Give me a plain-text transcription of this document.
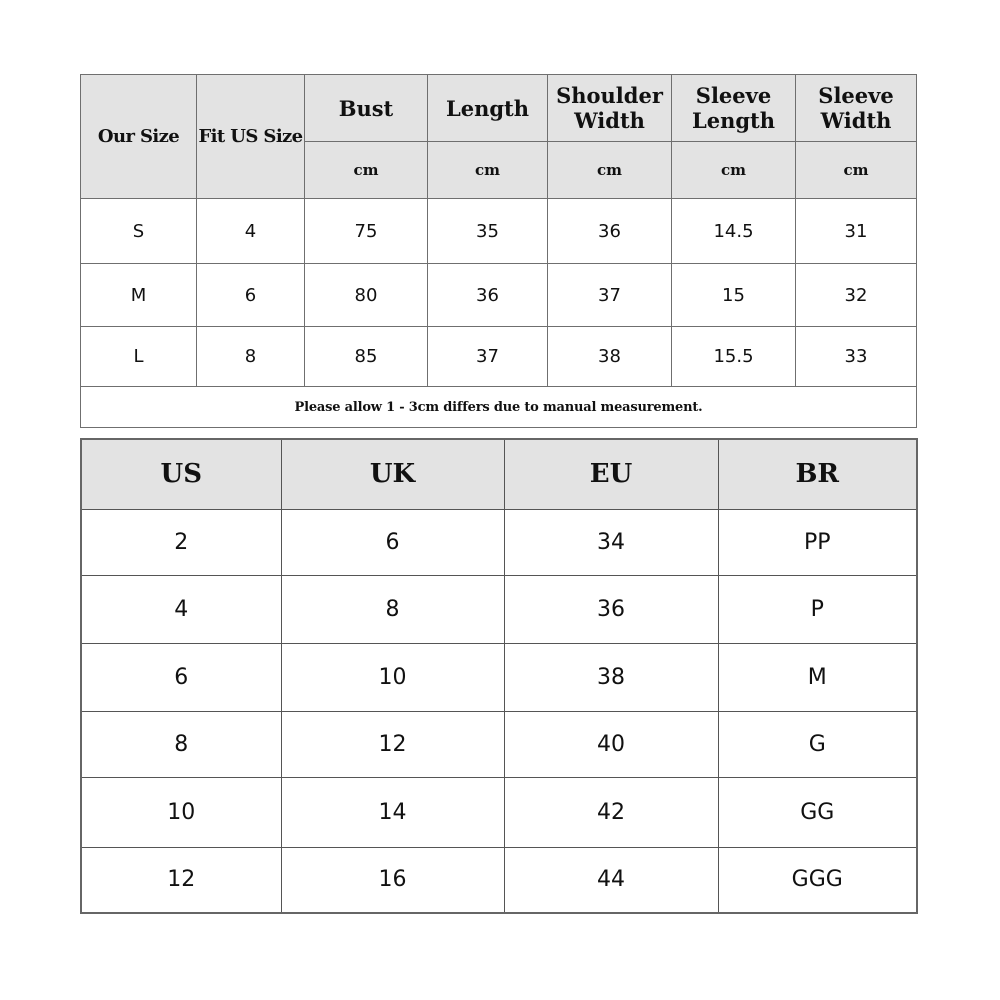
Our Size	Fit US Size	Bust	Length	Shoulder Width	Sleeve Length	Sleeve Width
		cm	cm	cm	cm	cm
S	4	75	35	36	14.5	31
M	6	80	36	37	15	32
L	8	85	37	38	15.5	33
Please allow 1 - 3cm differs due to manual measurement.						
US	UK	EU	BR
2	6	34	PP
4	8	36	P
6	10	38	M
8	12	40	G
10	14	42	GG
12	16	44	GGG
